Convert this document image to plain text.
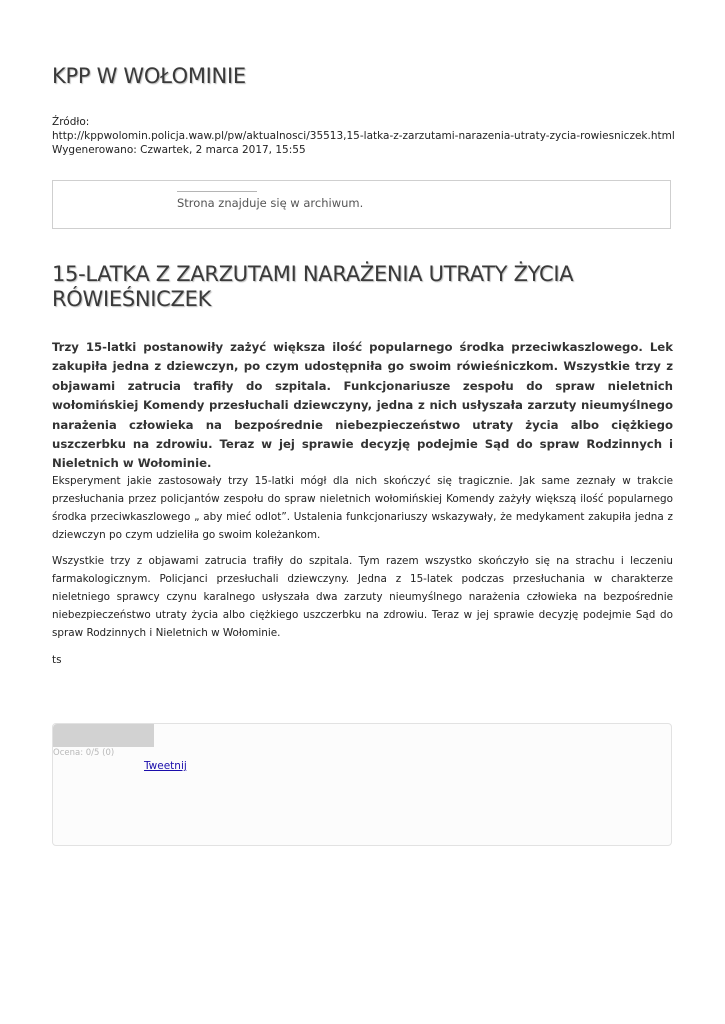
KPP W WOŁOMINIE
Źródło:
http://kppwolomin.policja.waw.pl/pw/aktualnosci/35513,15-latka-z-zarzutami-narazenia-utraty-zycia-rowiesniczek.html
Wygenerowano: Czwartek, 2 marca 2017, 15:55
Strona znajduje się w archiwum.
15-LATKA Z ZARZUTAMI NARAŻENIA UTRATY ŻYCIA RÓWIEŚNICZEK

Trzy 15-latki postanowiły zażyć większa ilość popularnego środka przeciwkaszlowego. Lek zakupiła jedna z dziewczyn, po czym udostępniła go swoim rówieśniczkom. Wszystkie trzy z objawami zatrucia trafiły do szpitala. Funkcjonariusze zespołu do spraw nieletnich wołomińskiej Komendy przesłuchali dziewczyny, jedna z nich usłyszała zarzuty nieumyślnego narażenia człowieka na bezpośrednie niebezpieczeństwo utraty życia albo ciężkiego uszczerbku na zdrowiu. Teraz w jej sprawie decyzję podejmie Sąd do spraw Rodzinnych i Nieletnich w Wołominie.

Eksperyment jakie zastosowały trzy 15-latki mógł dla nich skończyć się tragicznie. Jak same zeznały w trakcie przesłuchania przez policjantów zespołu do spraw nieletnich wołomińskiej Komendy zażyły większą ilość popularnego środka przeciwkaszlowego „ aby mieć odlot”. Ustalenia funkcjonariuszy wskazywały, że medykament zakupiła jedna z dziewczyn po czym udzieliła go swoim koleżankom.

Wszystkie trzy z objawami zatrucia trafiły do szpitala. Tym razem wszystko skończyło się na strachu i leczeniu farmakologicznym. Policjanci przesłuchali dziewczyny. Jedna z 15-latek podczas przesłuchania w charakterze nieletniego sprawcy czynu karalnego usłyszała dwa zarzuty nieumyślnego narażenia człowieka na bezpośrednie niebezpieczeństwo utraty życia albo ciężkiego uszczerbku na zdrowiu. Teraz w jej sprawie decyzję podejmie Sąd do spraw Rodzinnych i Nieletnich w Wołominie.

ts
Ocena: 0/5 (0)
Tweetnij
